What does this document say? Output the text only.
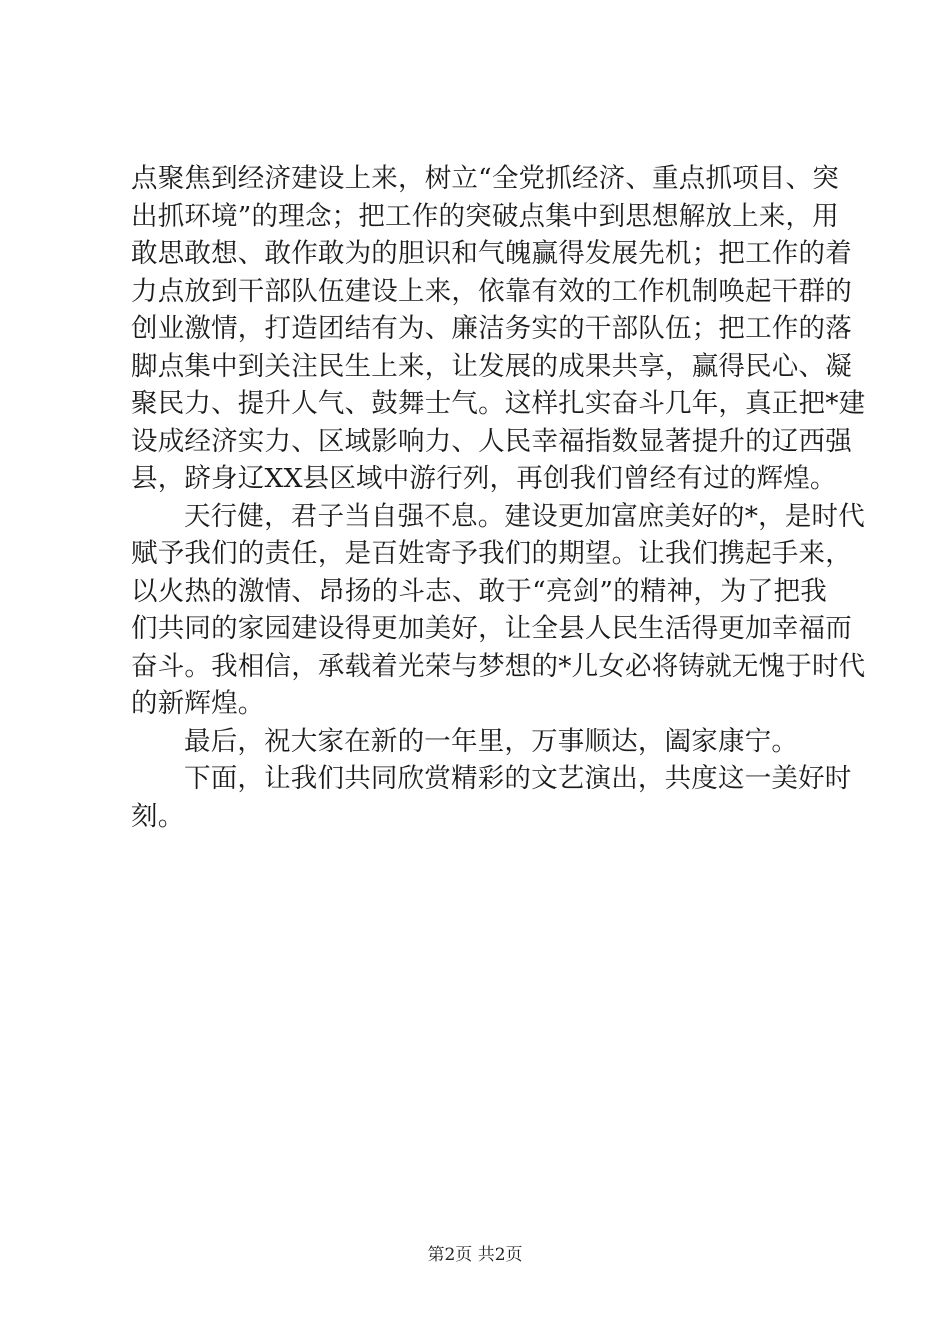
点聚焦到经济建设上来，树立“全党抓经济、重点抓项目、突
出抓环境”的理念；把工作的突破点集中到思想解放上来，用
敢思敢想、敢作敢为的胆识和气魄赢得发展先机；把工作的着
力点放到干部队伍建设上来，依靠有效的工作机制唤起干群的
创业激情，打造团结有为、廉洁务实的干部队伍；把工作的落
脚点集中到关注民生上来，让发展的成果共享，赢得民心、凝
聚民力、提升人气、鼓舞士气。这样扎实奋斗几年，真正把*建
设成经济实力、区域影响力、人民幸福指数显著提升的辽西强
县，跻身辽XX县区域中游行列，再创我们曾经有过的辉煌。
天行健，君子当自强不息。建设更加富庶美好的*，是时代
赋予我们的责任，是百姓寄予我们的期望。让我们携起手来，
以火热的激情、昂扬的斗志、敢于“亮剑”的精神，为了把我
们共同的家园建设得更加美好，让全县人民生活得更加幸福而
奋斗。我相信，承载着光荣与梦想的*儿女必将铸就无愧于时代
的新辉煌。
最后，祝大家在新的一年里，万事顺达，阖家康宁。
下面，让我们共同欣赏精彩的文艺演出，共度这一美好时
刻。
第2页 共2页
